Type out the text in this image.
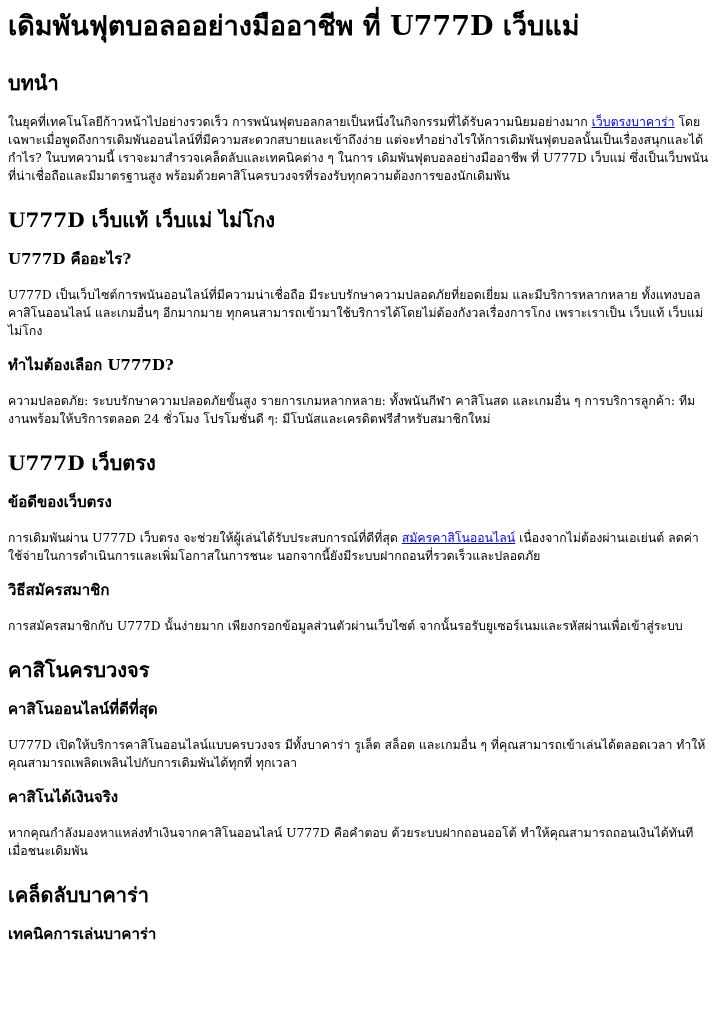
เดิมพันฟุตบอลออย่างมืออาชีพ ที่ U777D เว็บแม่
บทนำ

ในยุคที่เทคโนโลยีก้าวหน้าไปอย่างรวดเร็ว การพนันฟุตบอลกลายเป็นหนึ่งในกิจกรรมที่ได้รับความนิยมอย่างมาก เว็บตรงบาคาร่า โดยเฉพาะเมื่อพูดถึงการเดิมพันออนไลน์ที่มีความสะดวกสบายและเข้าถึงง่าย แต่จะทำอย่างไรให้การเดิมพันฟุตบอลนั้นเป็นเรื่องสนุกและได้กำไร? ในบทความนี้ เราจะมาสำรวจเคล็ดลับและเทคนิคต่าง ๆ ในการ เดิมพันฟุตบอลอย่างมืออาชีพ ที่ U777D เว็บแม่ ซึ่งเป็นเว็บพนันที่น่าเชื่อถือและมีมาตรฐานสูง พร้อมด้วยคาสิโนครบวงจรที่รองรับทุกความต้องการของนักเดิมพัน

U777D เว็บแท้ เว็บแม่ ไม่โกง
U777D คืออะไร?

U777D เป็นเว็บไซต์การพนันออนไลน์ที่มีความน่าเชื่อถือ มีระบบรักษาความปลอดภัยที่ยอดเยี่ยม และมีบริการหลากหลาย ทั้งแทงบอล คาสิโนออนไลน์ และเกมอื่นๆ อีกมากมาย ทุกคนสามารถเข้ามาใช้บริการได้โดยไม่ต้องกังวลเรื่องการโกง เพราะเราเป็น เว็บแท้ เว็บแม่ ไม่โกง

ทำไมต้องเลือก U777D?

ความปลอดภัย: ระบบรักษาความปลอดภัยขั้นสูง รายการเกมหลากหลาย: ทั้งพนันกีฬา คาสิโนสด และเกมอื่น ๆ การบริการลูกค้า: ทีมงานพร้อมให้บริการตลอด 24 ชั่วโมง โปรโมชั่นดี ๆ: มีโบนัสและเครดิตฟรีสำหรับสมาชิกใหม่

U777D เว็บตรง
ข้อดีของเว็บตรง

การเดิมพันผ่าน U777D เว็บตรง จะช่วยให้ผู้เล่นได้รับประสบการณ์ที่ดีที่สุด สมัครคาสิโนออนไลน์ เนื่องจากไม่ต้องผ่านเอเย่นต์ ลดค่าใช้จ่ายในการดำเนินการและเพิ่มโอกาสในการชนะ นอกจากนี้ยังมีระบบฝากถอนที่รวดเร็วและปลอดภัย

วิธีสมัครสมาชิก

การสมัครสมาชิกกับ U777D นั้นง่ายมาก เพียงกรอกข้อมูลส่วนตัวผ่านเว็บไซต์ จากนั้นรอรับยูเซอร์เนมและรหัสผ่านเพื่อเข้าสู่ระบบ

คาสิโนครบวงจร
คาสิโนออนไลน์ที่ดีที่สุด

U777D เปิดให้บริการคาสิโนออนไลน์แบบครบวงจร มีทั้งบาคาร่า รูเล็ต สล็อต และเกมอื่น ๆ ที่คุณสามารถเข้าเล่นได้ตลอดเวลา ทำให้คุณสามารถเพลิดเพลินไปกับการเดิมพันได้ทุกที่ ทุกเวลา

คาสิโนได้เงินจริง

หากคุณกำลังมองหาแหล่งทำเงินจากคาสิโนออนไลน์ U777D คือคำตอบ ด้วยระบบฝากถอนออโต้ ทำให้คุณสามารถถอนเงินได้ทันทีเมื่อชนะเดิมพัน

เคล็ดลับบาคาร่า
เทคนิคการเล่นบาคาร่า
